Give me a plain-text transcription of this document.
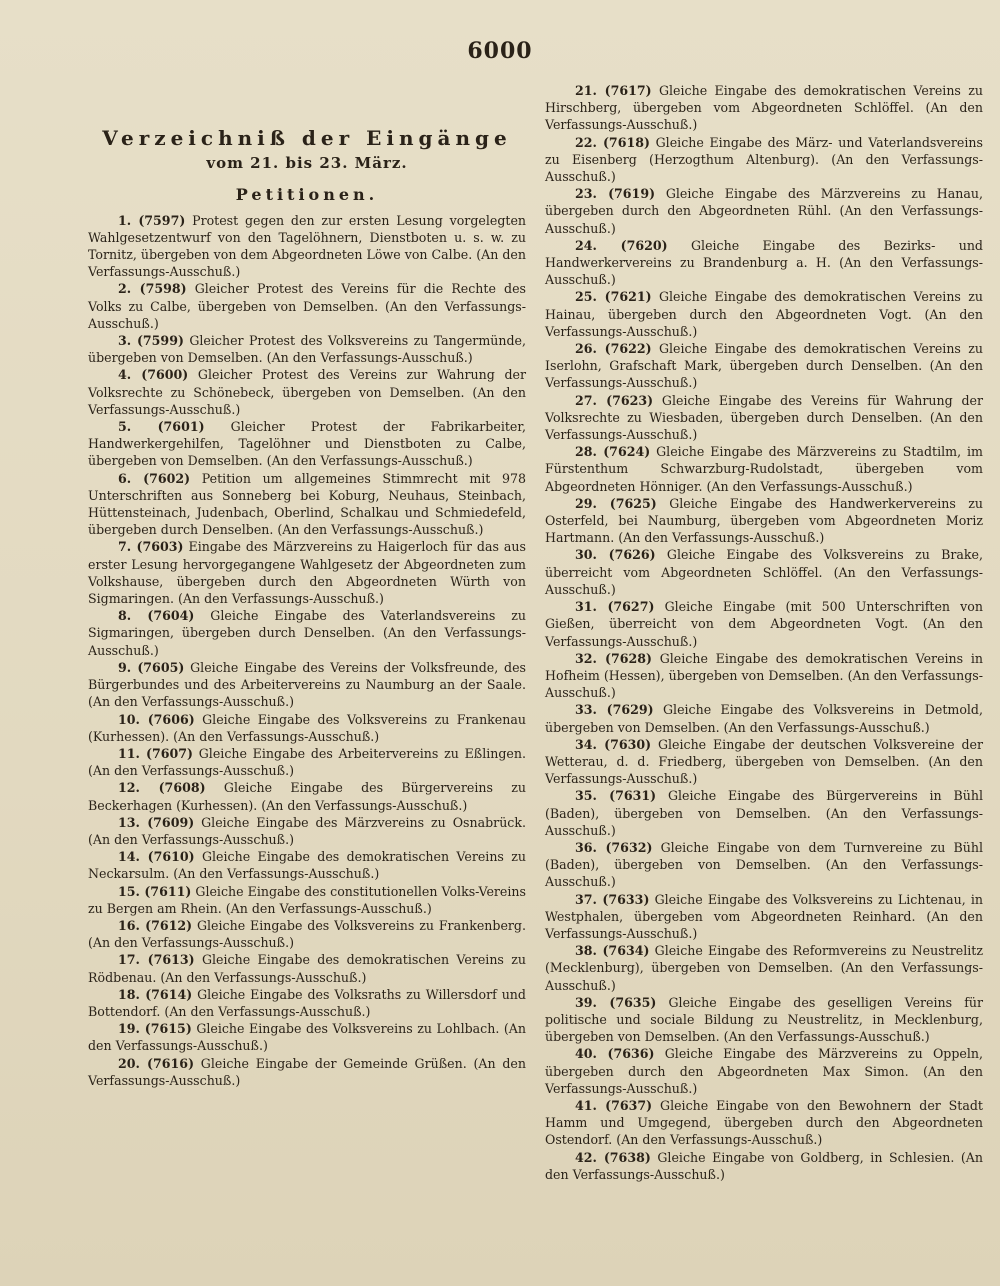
6000
Verzeichniß der Eingänge
vom 21. bis 23. März.
Petitionen.

1. (7597) Protest gegen den zur ersten Lesung vorgelegten Wahlgesetzentwurf von den Tagelöhnern, Dienstboten u. s. w. zu Tornitz, übergeben von dem Abgeordneten Löwe von Calbe. (An den Verfassungs-Ausschuß.)

2. (7598) Gleicher Protest des Vereins für die Rechte des Volks zu Calbe, übergeben von Demselben. (An den Verfassungs-Ausschuß.)

3. (7599) Gleicher Protest des Volksvereins zu Tangermünde, übergeben von Demselben. (An den Verfassungs-Ausschuß.)

4. (7600) Gleicher Protest des Vereins zur Wahrung der Volksrechte zu Schönebeck, übergeben von Demselben. (An den Verfassungs-Ausschuß.)

5. (7601) Gleicher Protest der Fabrikarbeiter, Handwerkergehilfen, Tagelöhner und Dienstboten zu Calbe, übergeben von Demselben. (An den Verfassungs-Ausschuß.)

6. (7602) Petition um allgemeines Stimmrecht mit 978 Unterschriften aus Sonneberg bei Koburg, Neuhaus, Steinbach, Hüttensteinach, Judenbach, Oberlind, Schalkau und Schmiedefeld, übergeben durch Denselben. (An den Verfassungs-Ausschuß.)

7. (7603) Eingabe des Märzvereins zu Haigerloch für das aus erster Lesung hervorgegangene Wahlgesetz der Abgeordneten zum Volkshause, übergeben durch den Abgeordneten Würth von Sigmaringen. (An den Verfassungs-Ausschuß.)

8. (7604) Gleiche Eingabe des Vaterlandsvereins zu Sigmaringen, übergeben durch Denselben. (An den Verfassungs-Ausschuß.)

9. (7605) Gleiche Eingabe des Vereins der Volksfreunde, des Bürgerbundes und des Arbeitervereins zu Naumburg an der Saale. (An den Verfassungs-Ausschuß.)

10. (7606) Gleiche Eingabe des Volksvereins zu Frankenau (Kurhessen). (An den Verfassungs-Ausschuß.)

11. (7607) Gleiche Eingabe des Arbeitervereins zu Eßlingen. (An den Verfassungs-Ausschuß.)

12. (7608) Gleiche Eingabe des Bürgervereins zu Beckerhagen (Kurhessen). (An den Verfassungs-Ausschuß.)

13. (7609) Gleiche Eingabe des Märzvereins zu Osnabrück. (An den Verfassungs-Ausschuß.)

14. (7610) Gleiche Eingabe des demokratischen Vereins zu Neckarsulm. (An den Verfassungs-Ausschuß.)

15. (7611) Gleiche Eingabe des constitutionellen Volks-Vereins zu Bergen am Rhein. (An den Verfassungs-Ausschuß.)

16. (7612) Gleiche Eingabe des Volksvereins zu Frankenberg. (An den Verfassungs-Ausschuß.)

17. (7613) Gleiche Eingabe des demokratischen Vereins zu Rödbenau. (An den Verfassungs-Ausschuß.)

18. (7614) Gleiche Eingabe des Volksraths zu Willersdorf und Bottendorf. (An den Verfassungs-Ausschuß.)

19. (7615) Gleiche Eingabe des Volksvereins zu Lohlbach. (An den Verfassungs-Ausschuß.)

20. (7616) Gleiche Eingabe der Gemeinde Grüßen. (An den Verfassungs-Ausschuß.)

21. (7617) Gleiche Eingabe des demokratischen Vereins zu Hirschberg, übergeben vom Abgeordneten Schlöffel. (An den Verfassungs-Ausschuß.)

22. (7618) Gleiche Eingabe des März- und Vaterlandsvereins zu Eisenberg (Herzogthum Altenburg). (An den Verfassungs-Ausschuß.)

23. (7619) Gleiche Eingabe des Märzvereins zu Hanau, übergeben durch den Abgeordneten Rühl. (An den Verfassungs-Ausschuß.)

24. (7620) Gleiche Eingabe des Bezirks- und Handwerkervereins zu Brandenburg a. H. (An den Verfassungs-Ausschuß.)

25. (7621) Gleiche Eingabe des demokratischen Vereins zu Hainau, übergeben durch den Abgeordneten Vogt. (An den Verfassungs-Ausschuß.)

26. (7622) Gleiche Eingabe des demokratischen Vereins zu Iserlohn, Grafschaft Mark, übergeben durch Denselben. (An den Verfassungs-Ausschuß.)

27. (7623) Gleiche Eingabe des Vereins für Wahrung der Volksrechte zu Wiesbaden, übergeben durch Denselben. (An den Verfassungs-Ausschuß.)

28. (7624) Gleiche Eingabe des Märzvereins zu Stadtilm, im Fürstenthum Schwarzburg-Rudolstadt, übergeben vom Abgeordneten Hönniger. (An den Verfassungs-Ausschuß.)

29. (7625) Gleiche Eingabe des Handwerkervereins zu Osterfeld, bei Naumburg, übergeben vom Abgeordneten Moriz Hartmann. (An den Verfassungs-Ausschuß.)

30. (7626) Gleiche Eingabe des Volksvereins zu Brake, überreicht vom Abgeordneten Schlöffel. (An den Verfassungs-Ausschuß.)

31. (7627) Gleiche Eingabe (mit 500 Unterschriften von Gießen, überreicht von dem Abgeordneten Vogt. (An den Verfassungs-Ausschuß.)

32. (7628) Gleiche Eingabe des demokratischen Vereins in Hofheim (Hessen), übergeben von Demselben. (An den Verfassungs-Ausschuß.)

33. (7629) Gleiche Eingabe des Volksvereins in Detmold, übergeben von Demselben. (An den Verfassungs-Ausschuß.)

34. (7630) Gleiche Eingabe der deutschen Volksvereine der Wetterau, d. d. Friedberg, übergeben von Demselben. (An den Verfassungs-Ausschuß.)

35. (7631) Gleiche Eingabe des Bürgervereins in Bühl (Baden), übergeben von Demselben. (An den Verfassungs-Ausschuß.)

36. (7632) Gleiche Eingabe von dem Turnvereine zu Bühl (Baden), übergeben von Demselben. (An den Verfassungs-Ausschuß.)

37. (7633) Gleiche Eingabe des Volksvereins zu Lichtenau, in Westphalen, übergeben vom Abgeordneten Reinhard. (An den Verfassungs-Ausschuß.)

38. (7634) Gleiche Eingabe des Reformvereins zu Neustrelitz (Mecklenburg), übergeben von Demselben. (An den Verfassungs-Ausschuß.)

39. (7635) Gleiche Eingabe des geselligen Vereins für politische und sociale Bildung zu Neustrelitz, in Mecklenburg, übergeben von Demselben. (An den Verfassungs-Ausschuß.)

40. (7636) Gleiche Eingabe des Märzvereins zu Oppeln, übergeben durch den Abgeordneten Max Simon. (An den Verfassungs-Ausschuß.)

41. (7637) Gleiche Eingabe von den Bewohnern der Stadt Hamm und Umgegend, übergeben durch den Abgeordneten Ostendorf. (An den Verfassungs-Ausschuß.)

42. (7638) Gleiche Eingabe von Goldberg, in Schlesien. (An den Verfassungs-Ausschuß.)
